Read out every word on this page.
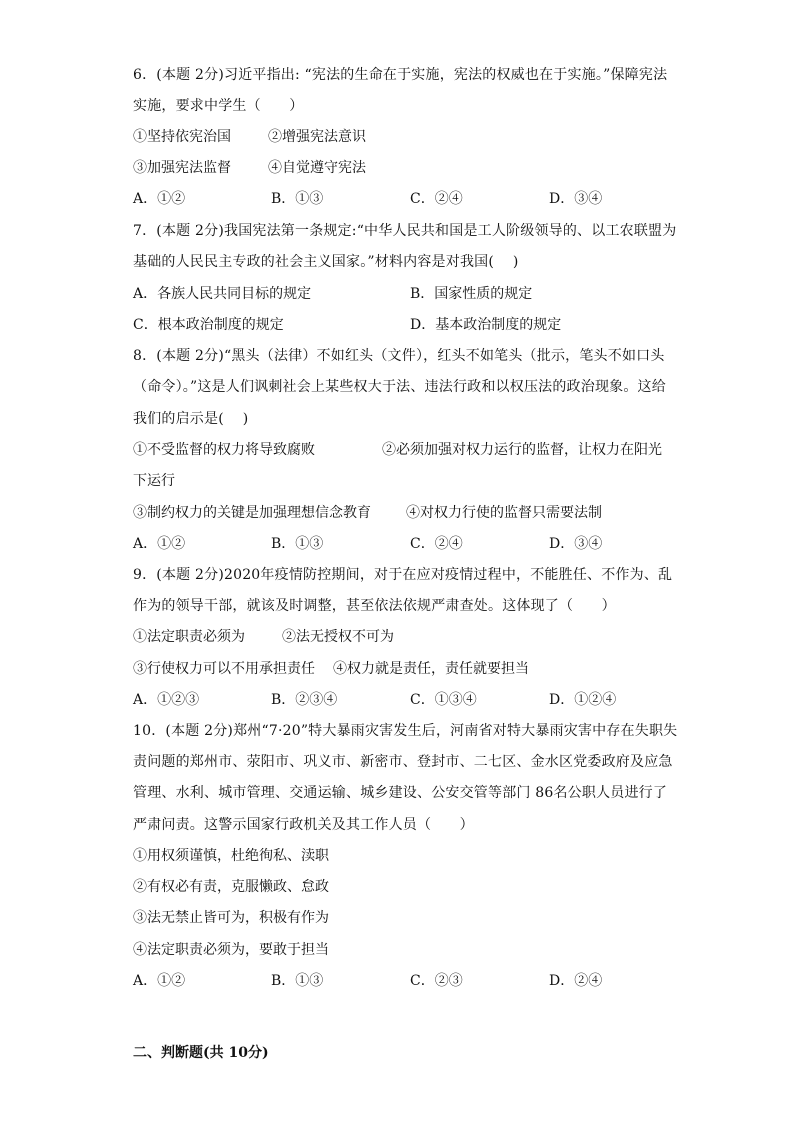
6．(本题 2分)习近平指出: “宪法的生命在于实施，宪法的权威也在于实施。”保障宪法
实施，要求中学生（　　）
①坚持依宪治国	②增强宪法意识
③加强宪法监督	④自觉遵守宪法
A．①②	B．①③	C．②④	D．③④
7．(本题 2分)我国宪法第一条规定:“中华人民共和国是工人阶级领导的、以工农联盟为
基础的人民民主专政的社会主义国家。”材料内容是对我国(　 )
A．各族人民共同目标的规定	B．国家性质的规定
C．根本政治制度的规定	D．基本政治制度的规定
8．(本题 2分)“黑头（法律）不如红头（文件），红头不如笔头（批示，笔头不如口头
（命令）。”这是人们讽刺社会上某些权大于法、违法行政和以权压法的政治现象。这给
我们的启示是(　 )
①不受监督的权力将导致腐败	②必须加强对权力运行的监督，让权力在阳光
下运行
③制约权力的关键是加强理想信念教育	④对权力行使的监督只需要法制
A．①②	B．①③	C．②④	D．③④
9．(本题 2分)2020年疫情防控期间，对于在应对疫情过程中，不能胜任、不作为、乱
作为的领导干部，就该及时调整，甚至依法依规严肃查处。这体现了（　　）
①法定职责必须为	②法无授权不可为
③行使权力可以不用承担责任 ④权力就是责任，责任就要担当
A．①②③	B．②③④	C．①③④	D．①②④
10．(本题 2分)郑州“7·20”特大暴雨灾害发生后，河南省对特大暴雨灾害中存在失职失
责问题的郑州市、荥阳市、巩义市、新密市、登封市、二七区、金水区党委政府及应急
管理、水利、城市管理、交通运输、城乡建设、公安交管等部门 86名公职人员进行了
严肃问责。这警示国家行政机关及其工作人员（　　）
①用权须谨慎，杜绝徇私、渎职
②有权必有责，克服懒政、怠政
③法无禁止皆可为，积极有作为
④法定职责必须为，要敢于担当
A．①②	B．①③	C．②③	D．②④
二、判断题(共 10分)
